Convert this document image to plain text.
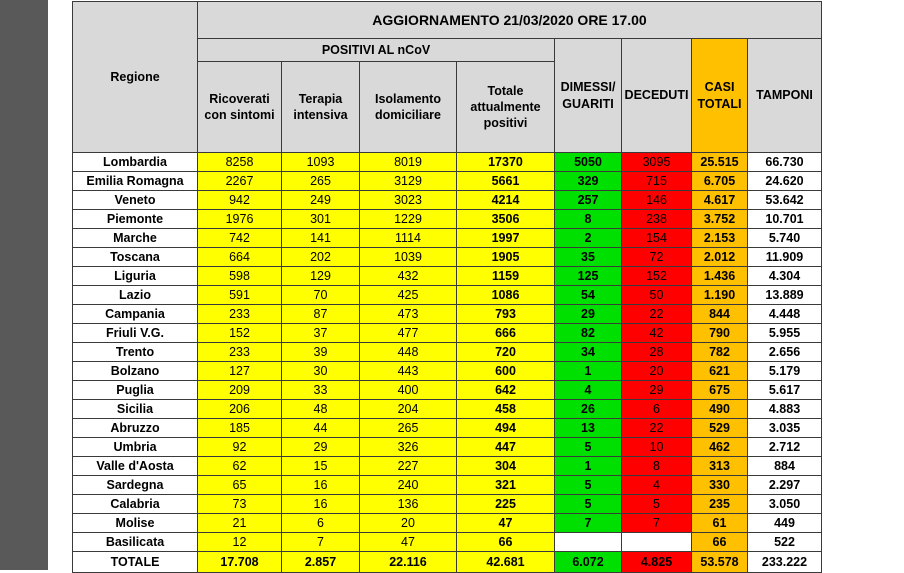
Regione	AGGIORNAMENTO 21/03/2020 ORE 17.00							
	POSITIVI AL nCoV				DIMESSI/ GUARITI	DECEDUTI	CASI TOTALI	TAMPONI
	Ricoverati con sintomi	Terapia intensiva	Isolamento domiciliare	Totale attualmente positivi				
Lombardia	8258	1093	8019	17370	5050	3095	25.515	66.730
Emilia Romagna	2267	265	3129	5661	329	715	6.705	24.620
Veneto	942	249	3023	4214	257	146	4.617	53.642
Piemonte	1976	301	1229	3506	8	238	3.752	10.701
Marche	742	141	1114	1997	2	154	2.153	5.740
Toscana	664	202	1039	1905	35	72	2.012	11.909
Liguria	598	129	432	1159	125	152	1.436	4.304
Lazio	591	70	425	1086	54	50	1.190	13.889
Campania	233	87	473	793	29	22	844	4.448
Friuli V.G.	152	37	477	666	82	42	790	5.955
Trento	233	39	448	720	34	28	782	2.656
Bolzano	127	30	443	600	1	20	621	5.179
Puglia	209	33	400	642	4	29	675	5.617
Sicilia	206	48	204	458	26	6	490	4.883
Abruzzo	185	44	265	494	13	22	529	3.035
Umbria	92	29	326	447	5	10	462	2.712
Valle d'Aosta	62	15	227	304	1	8	313	884
Sardegna	65	16	240	321	5	4	330	2.297
Calabria	73	16	136	225	5	5	235	3.050
Molise	21	6	20	47	7	7	61	449
Basilicata	12	7	47	66			66	522
TOTALE	17.708	2.857	22.116	42.681	6.072	4.825	53.578	233.222
